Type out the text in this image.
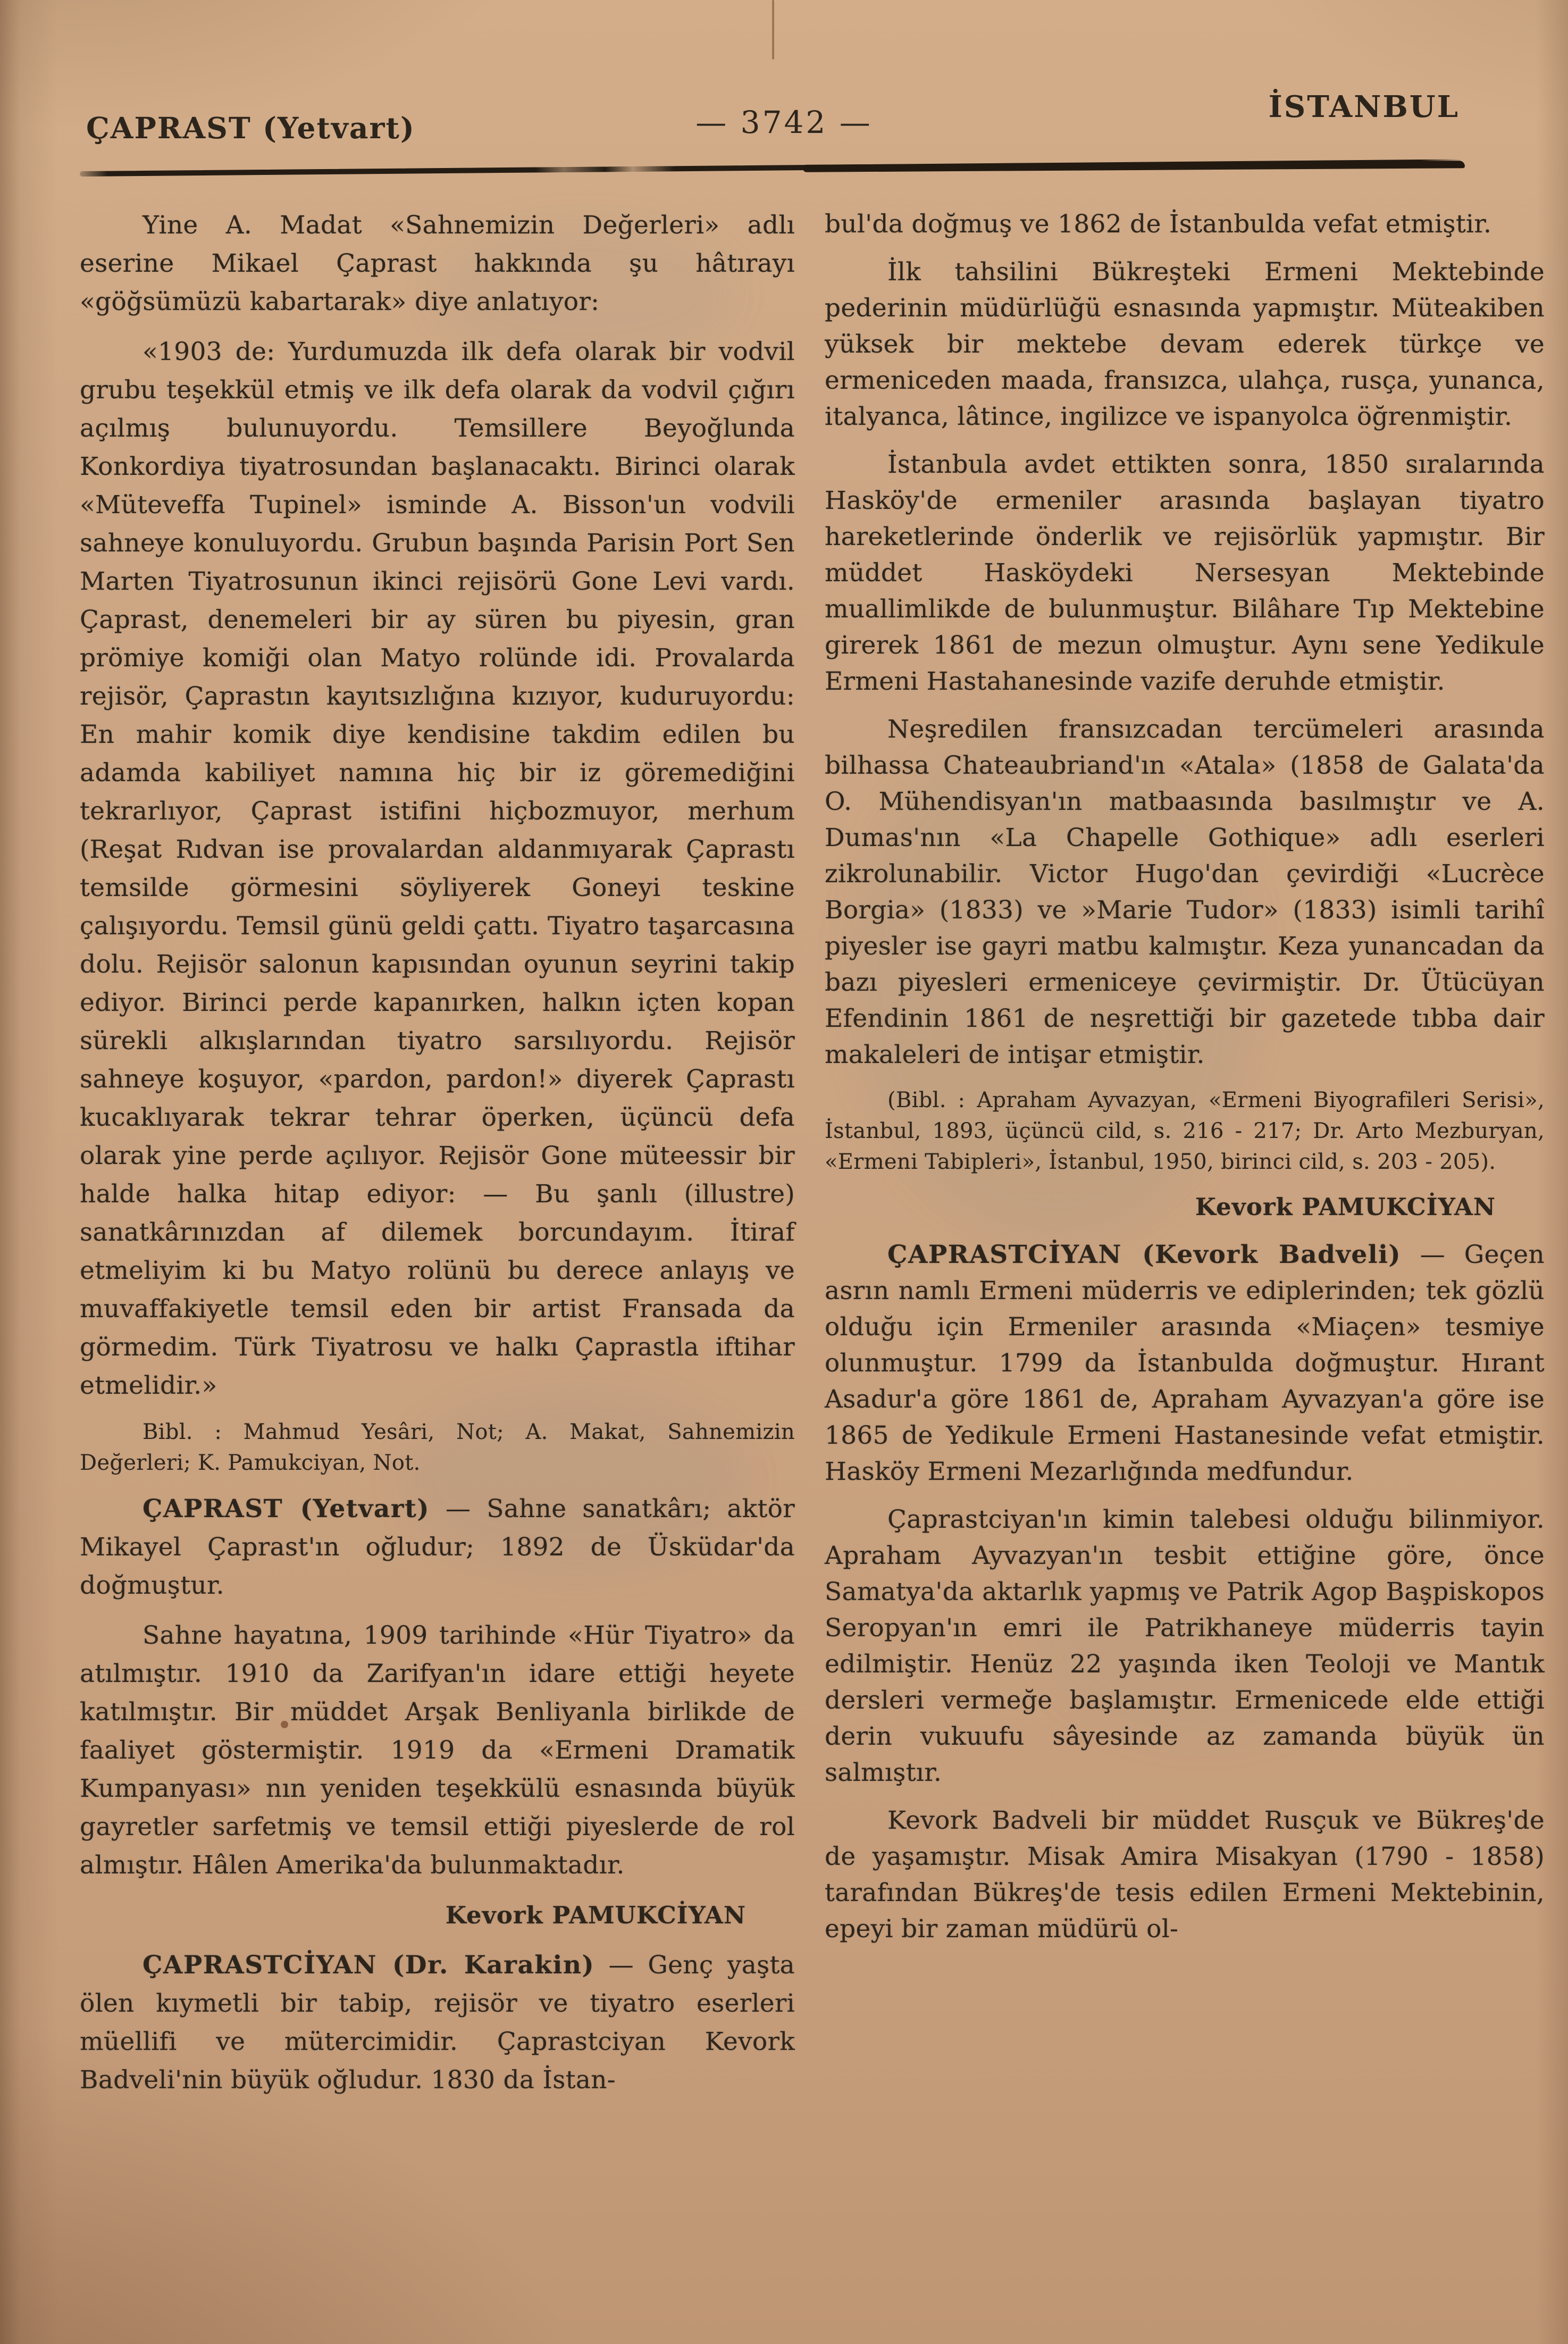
ÇAPRAST (Yetvart)	— 3742 —	İSTANBUL

Yine A. Madat «Sahnemizin Değerleri» adlı eserine Mikael Çaprast hakkında şu hâtırayı «göğsümüzü kabartarak» diye anlatıyor:

«1903 de: Yurdumuzda ilk defa olarak bir vodvil grubu teşekkül etmiş ve ilk defa olarak da vodvil çığırı açılmış bulunuyordu. Temsillere Beyoğlunda Konkordiya tiyatrosundan başlanacaktı. Birinci olarak «Müteveffa Tupinel» isminde A. Bisson'un vodvili sahneye konuluyordu. Grubun başında Parisin Port Sen Marten Tiyatrosunun ikinci rejisörü Gone Levi vardı. Çaprast, denemeleri bir ay süren bu piyesin, gran prömiye komiği olan Matyo rolünde idi. Provalarda rejisör, Çaprastın kayıtsızlığına kızıyor, kuduruyordu: En mahir komik diye kendisine takdim edilen bu adamda kabiliyet namına hiç bir iz göremediğini tekrarlıyor, Çaprast istifini hiçbozmuyor, merhum (Reşat Rıdvan ise provalardan aldanmıyarak Çaprastı temsilde görmesini söyliyerek Goneyi teskine çalışıyordu. Temsil günü geldi çattı. Tiyatro taşarcasına dolu. Rejisör salonun kapısından oyunun seyrini takip ediyor. Birinci perde kapanırken, halkın içten kopan sürekli alkışlarından tiyatro sarsılıyordu. Rejisör sahneye koşuyor, «pardon, pardon!» diyerek Çaprastı kucaklıyarak tekrar tehrar öperken, üçüncü defa olarak yine perde açılıyor. Rejisör Gone müteessir bir halde halka hitap ediyor: — Bu şanlı (illustre) sanatkârınızdan af dilemek borcundayım. İtiraf etmeliyim ki bu Matyo rolünü bu derece anlayış ve muvaffakiyetle temsil eden bir artist Fransada da görmedim. Türk Tiyatrosu ve halkı Çaprastla iftihar etmelidir.»

Bibl. : Mahmud Yesâri, Not; A. Makat, Sahnemizin Değerleri; K. Pamukciyan, Not.

ÇAPRAST (Yetvart) — Sahne sanatkârı; aktör Mikayel Çaprast'ın oğludur; 1892 de Üsküdar'da doğmuştur.

Sahne hayatına, 1909 tarihinde «Hür Tiyatro» da atılmıştır. 1910 da Zarifyan'ın idare ettiği heyete katılmıştır. Bir müddet Arşak Benliyanla birlikde de faaliyet göstermiştir. 1919 da «Ermeni Dramatik Kumpanyası» nın yeniden teşekkülü esnasında büyük gayretler sarfetmiş ve temsil ettiği piyeslerde de rol almıştır. Hâlen Amerika'da bulunmaktadır.

Kevork PAMUKCİYAN

ÇAPRASTCİYAN (Dr. Karakin) — Genç yaşta ölen kıymetli bir tabip, rejisör ve tiyatro eserleri müellifi ve mütercimidir. Çaprastciyan Kevork Badveli'nin büyük oğludur. 1830 da İstan-

bul'da doğmuş ve 1862 de İstanbulda vefat etmiştir.

İlk tahsilini Bükreşteki Ermeni Mektebinde pederinin müdürlüğü esnasında yapmıştır. Müteakiben yüksek bir mektebe devam ederek türkçe ve ermeniceden maada, fransızca, ulahça, rusça, yunanca, italyanca, lâtince, ingilizce ve ispanyolca öğrenmiştir.

İstanbula avdet ettikten sonra, 1850 sıralarında Hasköy'de ermeniler arasında başlayan tiyatro hareketlerinde önderlik ve rejisörlük yapmıştır. Bir müddet Hasköydeki Nersesyan Mektebinde muallimlikde de bulunmuştur. Bilâhare Tıp Mektebine girerek 1861 de mezun olmuştur. Aynı sene Yedikule Ermeni Hastahanesinde vazife deruhde etmiştir.

Neşredilen fransızcadan tercümeleri arasında bilhassa Chateaubriand'ın «Atala» (1858 de Galata'da O. Mühendisyan'ın matbaasında basılmıştır ve A. Dumas'nın «La Chapelle Gothique» adlı eserleri zikrolunabilir. Victor Hugo'dan çevirdiği «Lucrèce Borgia» (1833) ve »Marie Tudor» (1833) isimli tarihî piyesler ise gayri matbu kalmıştır. Keza yunancadan da bazı piyesleri ermeniceye çevirmiştir. Dr. Ütücüyan Efendinin 1861 de neşrettiği bir gazetede tıbba dair makaleleri de intişar etmiştir.

(Bibl. : Apraham Ayvazyan, «Ermeni Biyografileri Serisi», İstanbul, 1893, üçüncü cild, s. 216 - 217; Dr. Arto Mezburyan, «Ermeni Tabipleri», İstanbul, 1950, birinci cild, s. 203 - 205).

Kevork PAMUKCİYAN

ÇAPRASTCİYAN (Kevork Badveli) — Geçen asrın namlı Ermeni müderris ve ediplerinden; tek gözlü olduğu için Ermeniler arasında «Miaçen» tesmiye olunmuştur. 1799 da İstanbulda doğmuştur. Hırant Asadur'a göre 1861 de, Apraham Ayvazyan'a göre ise 1865 de Yedikule Ermeni Hastanesinde vefat etmiştir. Hasköy Ermeni Mezarlığında medfundur.

Çaprastciyan'ın kimin talebesi olduğu bilinmiyor. Apraham Ayvazyan'ın tesbit ettiğine göre, önce Samatya'da aktarlık yapmış ve Patrik Agop Başpiskopos Seropyan'ın emri ile Patrikhaneye müderris tayin edilmiştir. Henüz 22 yaşında iken Teoloji ve Mantık dersleri vermeğe başlamıştır. Ermenicede elde ettiği derin vukuufu sâyesinde az zamanda büyük ün salmıştır.

Kevork Badveli bir müddet Rusçuk ve Bükreş'de de yaşamıştır. Misak Amira Misakyan (1790 - 1858) tarafından Bükreş'de tesis edilen Ermeni Mektebinin, epeyi bir zaman müdürü ol-
